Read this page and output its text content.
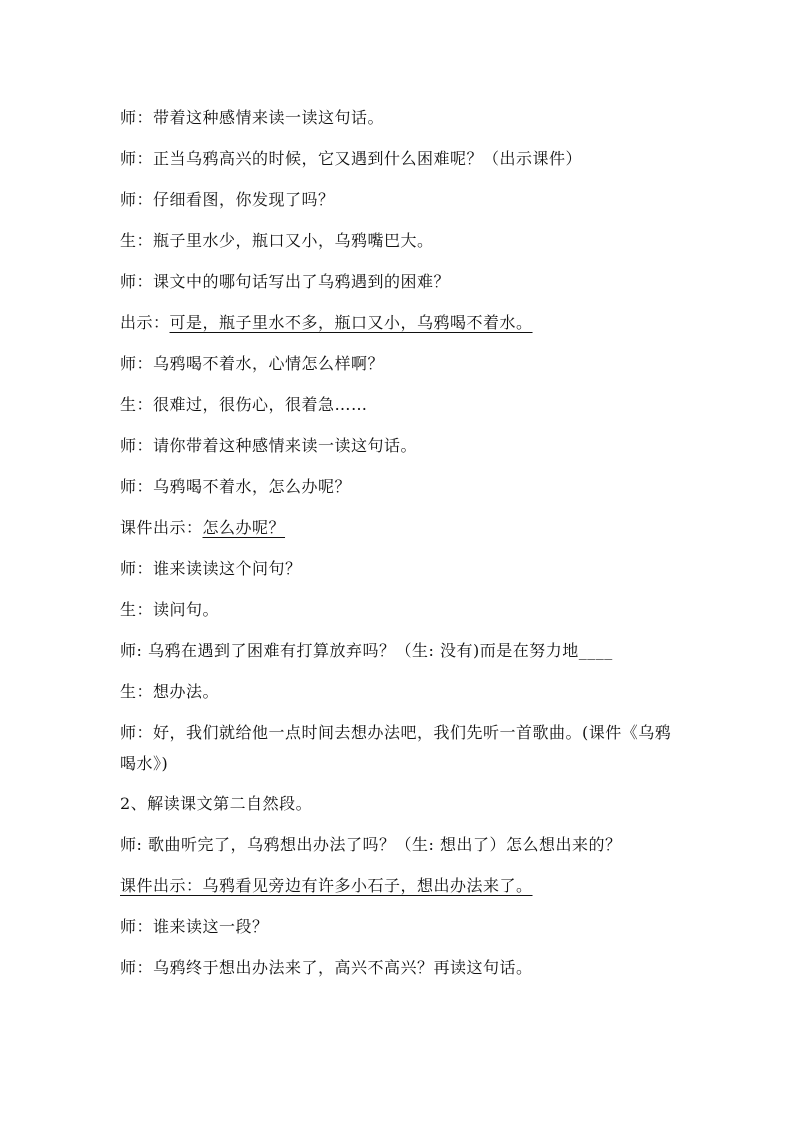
师：带着这种感情来读一读这句话。
师：正当乌鸦高兴的时候，它又遇到什么困难呢？（出示课件）
师：仔细看图，你发现了吗？
生：瓶子里水少，瓶口又小，乌鸦嘴巴大。
师：课文中的哪句话写出了乌鸦遇到的困难？
出示：可是，瓶子里水不多，瓶口又小，乌鸦喝不着水。
师：乌鸦喝不着水，心情怎么样啊？
生：很难过，很伤心，很着急……
师：请你带着这种感情来读一读这句话。
师：乌鸦喝不着水，怎么办呢？
课件出示：怎么办呢？
师：谁来读读这个问句？
生：读问句。
师: 乌鸦在遇到了困难有打算放弃吗？（生: 没有)而是在努力地____
生：想办法。
师：好，我们就给他一点时间去想办法吧，我们先听一首歌曲。(课件《乌鸦喝水》)
2、解读课文第二自然段。
师: 歌曲听完了，乌鸦想出办法了吗？（生: 想出了）怎么想出来的？
课件出示：乌鸦看见旁边有许多小石子，想出办法来了。
师：谁来读这一段？
师：乌鸦终于想出办法来了，高兴不高兴？再读这句话。
